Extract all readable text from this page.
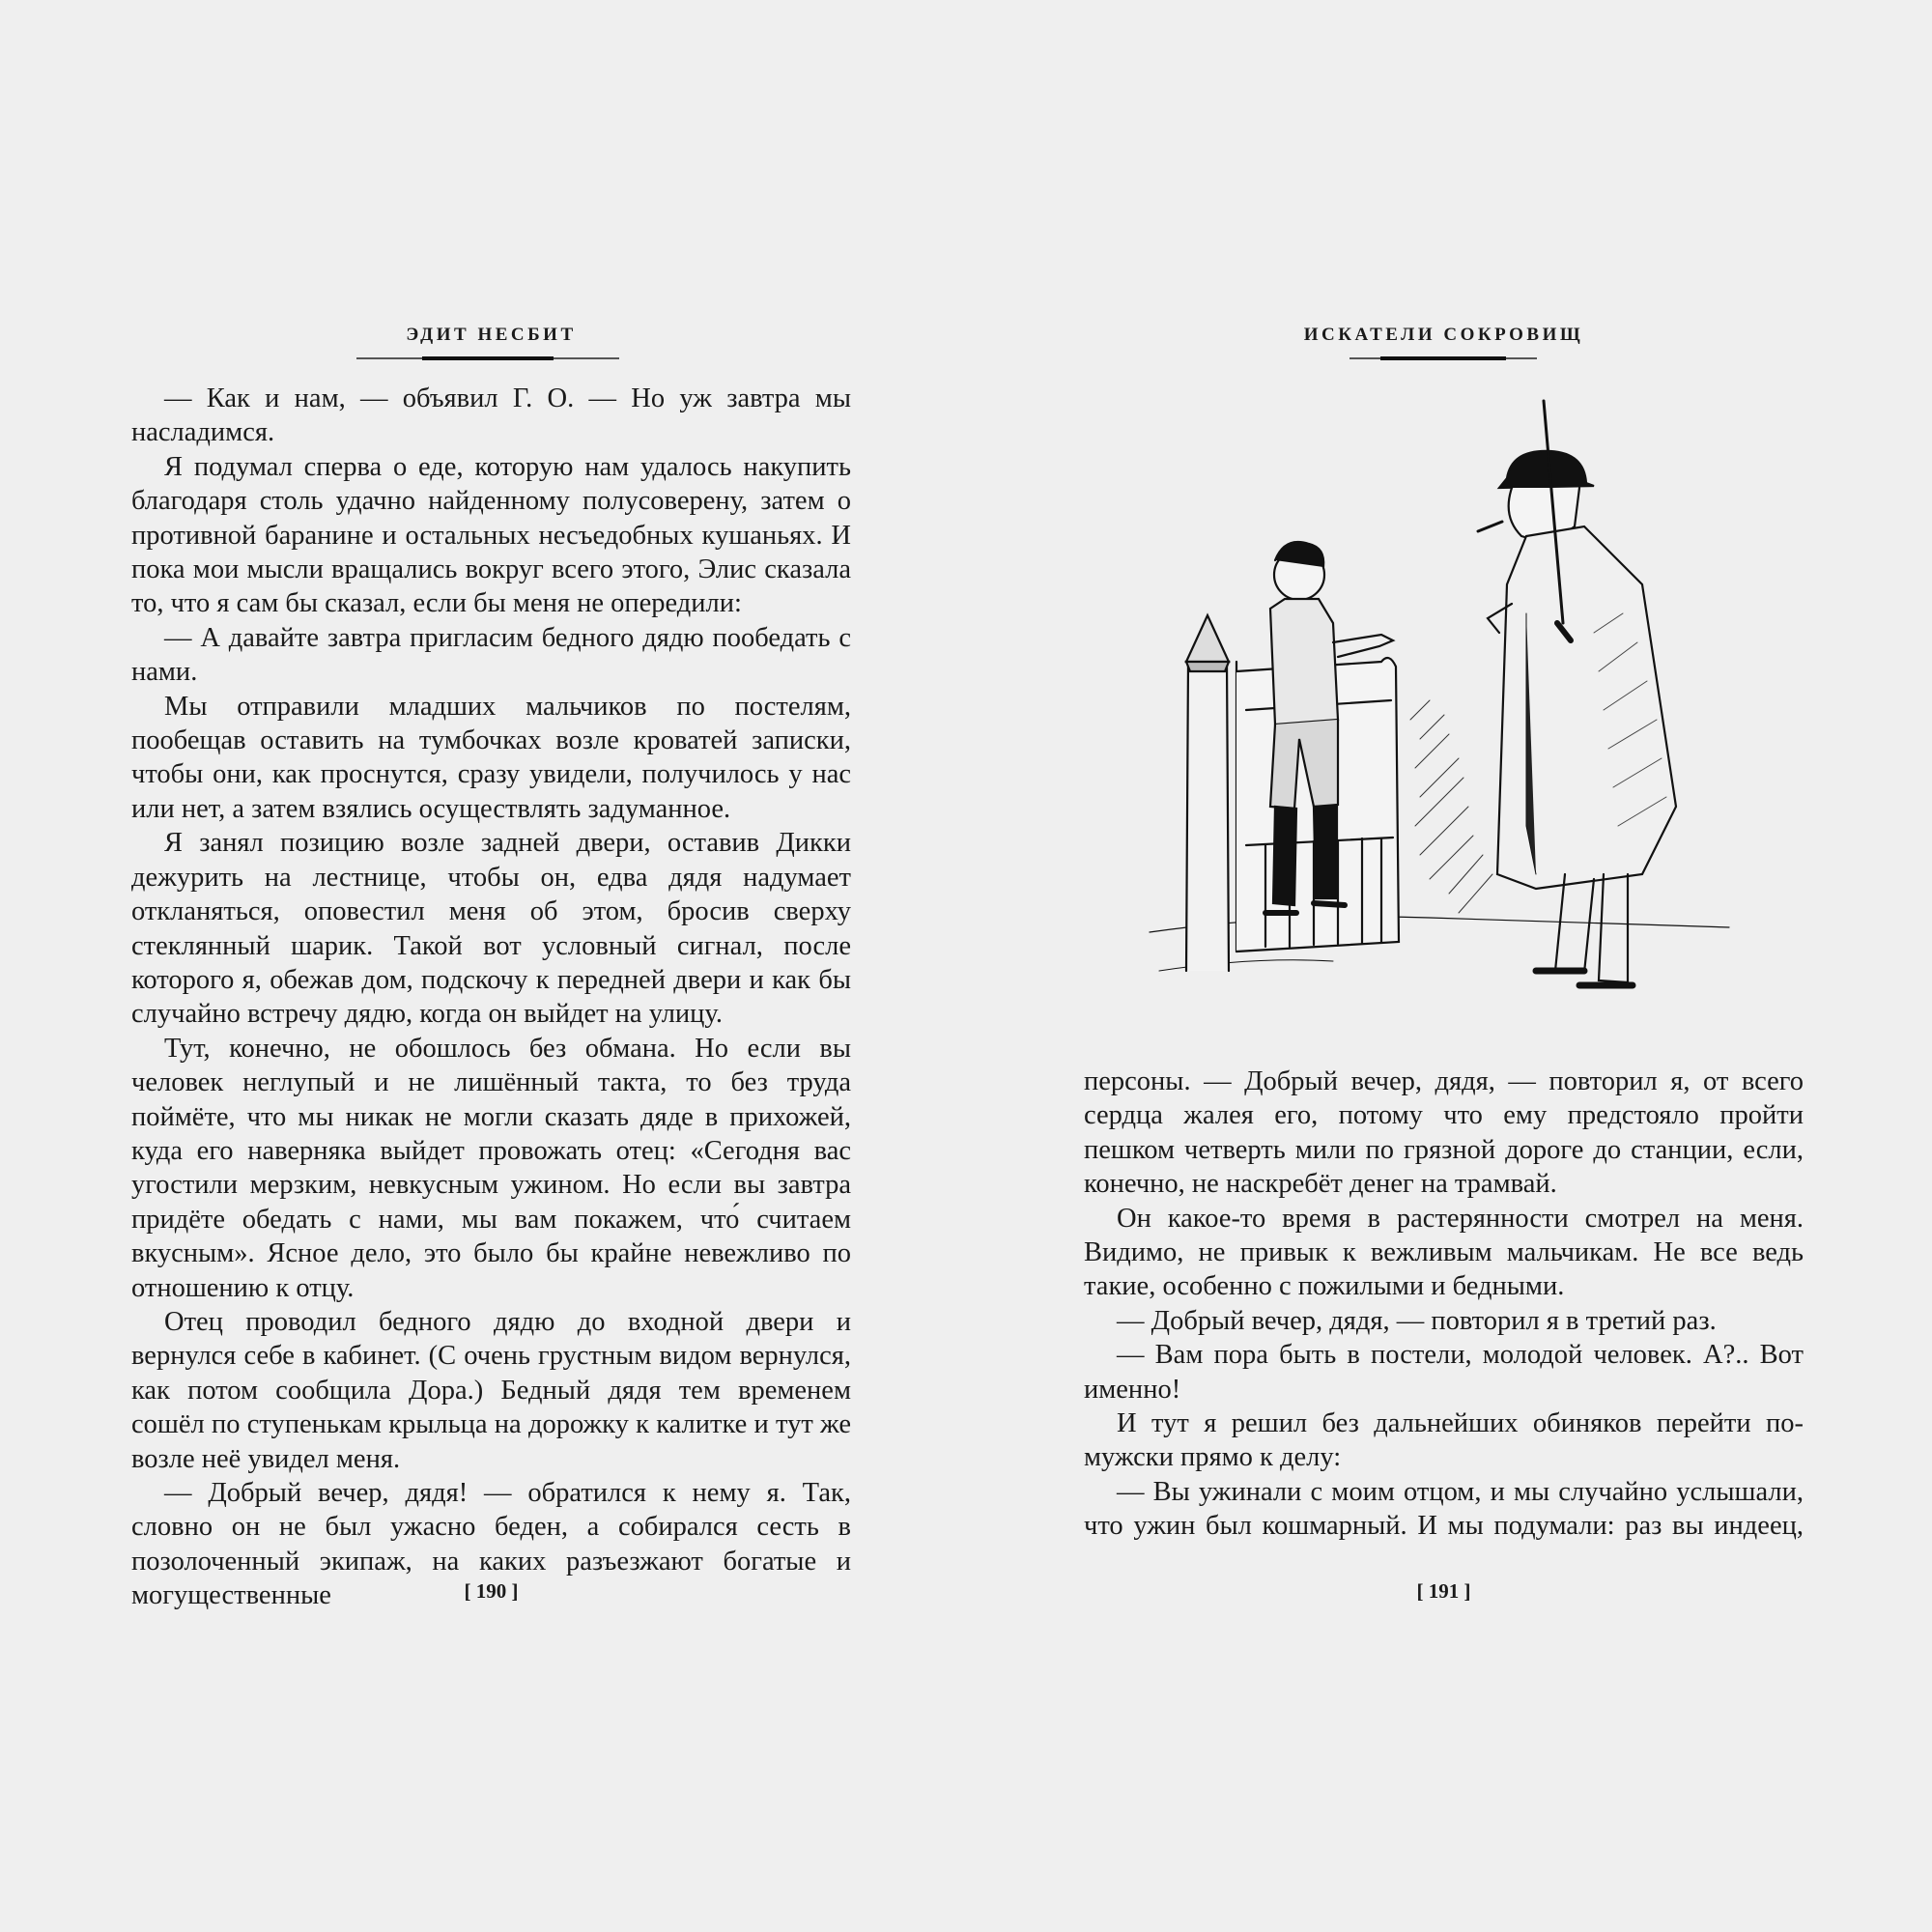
ЭДИТ НЕСБИТ

— Как и нам, — объявил Г. О. — Но уж завтра мы насладимся.

Я подумал сперва о еде, которую нам удалось накупить благодаря столь удачно найденному полусоверену, затем о противной баранине и остальных несъедобных кушаньях. И пока мои мысли вращались вокруг всего этого, Элис сказала то, что я сам бы сказал, если бы меня не опередили:

— А давайте завтра пригласим бедного дядю пообедать с нами.

Мы отправили младших мальчиков по постелям, пообещав оставить на тумбочках возле кроватей записки, чтобы они, как проснутся, сразу увидели, получилось у нас или нет, а затем взялись осуществлять задуманное.

Я занял позицию возле задней двери, оставив Дикки дежурить на лестнице, чтобы он, едва дядя надумает откланяться, оповестил меня об этом, бросив сверху стеклянный шарик. Такой вот условный сигнал, после которого я, обежав дом, подскочу к передней двери и как бы случайно встречу дядю, когда он выйдет на улицу.

Тут, конечно, не обошлось без обмана. Но если вы человек неглупый и не лишённый такта, то без труда поймёте, что мы никак не могли сказать дяде в прихожей, куда его наверняка выйдет провожать отец: «Сегодня вас угостили мерзким, невкусным ужином. Но если вы завтра придёте обедать с нами, мы вам покажем, что́ считаем вкусным». Ясное дело, это было бы крайне невежливо по отношению к отцу.

Отец проводил бедного дядю до входной двери и вернулся себе в кабинет. (С очень грустным видом вернулся, как потом сообщила Дора.) Бедный дядя тем временем сошёл по ступенькам крыльца на дорожку к калитке и тут же возле неё увидел меня.

— Добрый вечер, дядя! — обратился к нему я. Так, словно он не был ужасно беден, а собирался сесть в позолоченный экипаж, на каких разъезжают богатые и могущественные	[ 190 ]
ИСКАТЕЛИ СОКРОВИЩ

персоны. — Добрый вечер, дядя, — повторил я, от всего сердца жалея его, потому что ему предстояло пройти пешком четверть мили по грязной дороге до станции, если, конечно, не наскребёт денег на трамвай.

Он какое-то время в растерянности смотрел на меня. Видимо, не привык к вежливым мальчикам. Не все ведь такие, особенно с пожилыми и бедными.

— Добрый вечер, дядя, — повторил я в третий раз.

— Вам пора быть в постели, молодой человек. А?.. Вот именно!

И тут я решил без дальнейших обиняков перейти по-мужски прямо к делу:

— Вы ужинали с моим отцом, и мы случайно услышали, что ужин был кошмарный. И мы подумали: раз вы индеец,

[ 191 ]
